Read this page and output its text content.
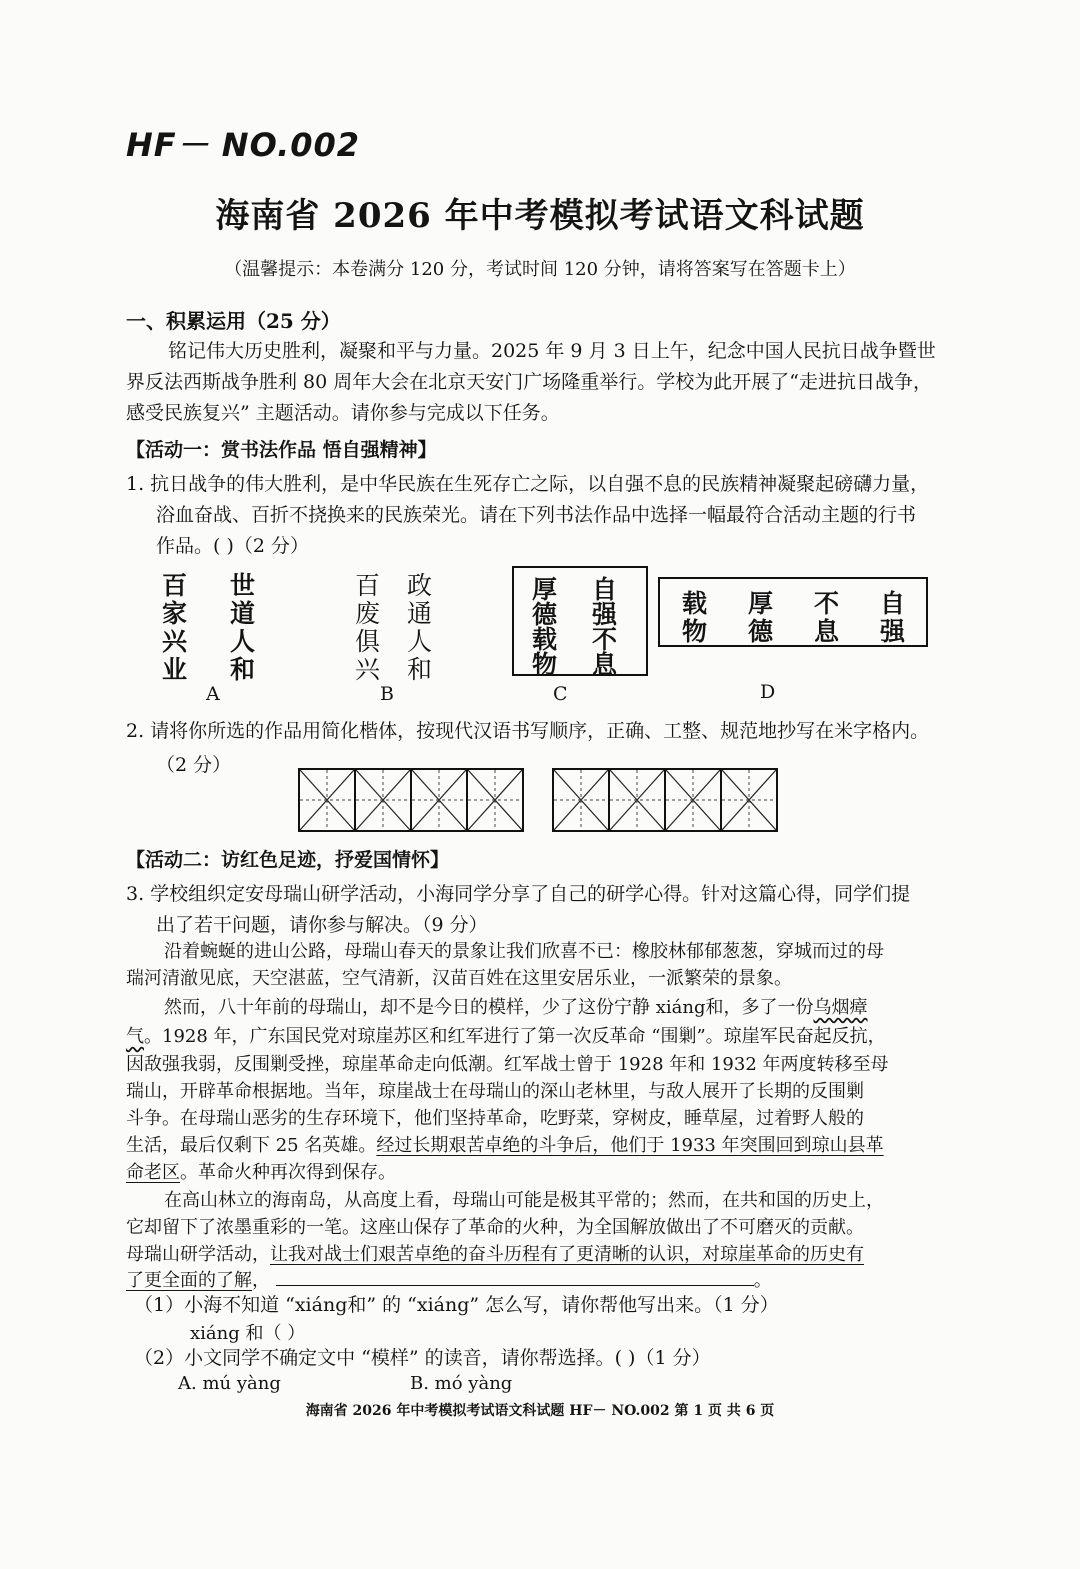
HF－ NO.002
海南省 2026 年中考模拟考试语文科试题
（温馨提示：本卷满分 120 分，考试时间 120 分钟，请将答案写在答题卡上）
一、积累运用（25 分）
铭记伟大历史胜利，凝聚和平与力量。2025 年 9 月 3 日上午，纪念中国人民抗日战争暨世
界反法西斯战争胜利 80 周年大会在北京天安门广场隆重举行。学校为此开展了“走进抗日战争，
感受民族复兴” 主题活动。请你参与完成以下任务。
【活动一：赏书法作品 悟自强精神】
1. 抗日战争的伟大胜利，是中华民族在生死存亡之际，以自强不息的民族精神凝聚起磅礴力量，
浴血奋战、百折不挠换来的民族荣光。请在下列书法作品中选择一幅最符合活动主题的行书
作品。( )（2 分）
百 世
家 道
兴 人
业 和
百 政
废 通
俱 人
兴 和
厚 自
德 强
载 不
物 息
载 厚 不 自
物 德 息 强
A	B	C	D
2. 请将你所选的作品用简化楷体，按现代汉语书写顺序，正确、工整、规范地抄写在米字格内。
（2 分）
【活动二：访红色足迹，抒爱国情怀】
3. 学校组织定安母瑞山研学活动，小海同学分享了自己的研学心得。针对这篇心得，同学们提
出了若干问题，请你参与解决。（9 分）
沿着蜿蜒的进山公路，母瑞山春天的景象让我们欣喜不已：橡胶林郁郁葱葱，穿城而过的母
瑞河清澈见底，天空湛蓝，空气清新，汉苗百姓在这里安居乐业，一派繁荣的景象。
然而，八十年前的母瑞山，却不是今日的模样，少了这份宁静 xiáng和，多了一份乌烟瘴
气。1928 年，广东国民党对琼崖苏区和红军进行了第一次反革命 “围剿”。琼崖军民奋起反抗，
因敌强我弱，反围剿受挫，琼崖革命走向低潮。红军战士曾于 1928 年和 1932 年两度转移至母
瑞山，开辟革命根据地。当年，琼崖战士在母瑞山的深山老林里，与敌人展开了长期的反围剿
斗争。在母瑞山恶劣的生存环境下，他们坚持革命，吃野菜，穿树皮，睡草屋，过着野人般的
生活，最后仅剩下 25 名英雄。经过长期艰苦卓绝的斗争后，他们于 1933 年突围回到琼山县革
命老区。革命火种再次得到保存。
在高山林立的海南岛，从高度上看，母瑞山可能是极其平常的；然而，在共和国的历史上，
它却留下了浓墨重彩的一笔。这座山保存了革命的火种，为全国解放做出了不可磨灭的贡献。
母瑞山研学活动，让我对战士们艰苦卓绝的奋斗历程有了更清晰的认识，对琼崖革命的历史有
了更全面的了解，	。
（1）小海不知道 “xiáng和” 的 “xiáng” 怎么写，请你帮他写出来。（1 分）
xiáng 和（ ）
（2）小文同学不确定文中 “模样” 的读音，请你帮选择。( )（1 分）
A. mú yàng	B. mó yàng
海南省 2026 年中考模拟考试语文科试题 HF－ NO.002 第 1 页 共 6 页
